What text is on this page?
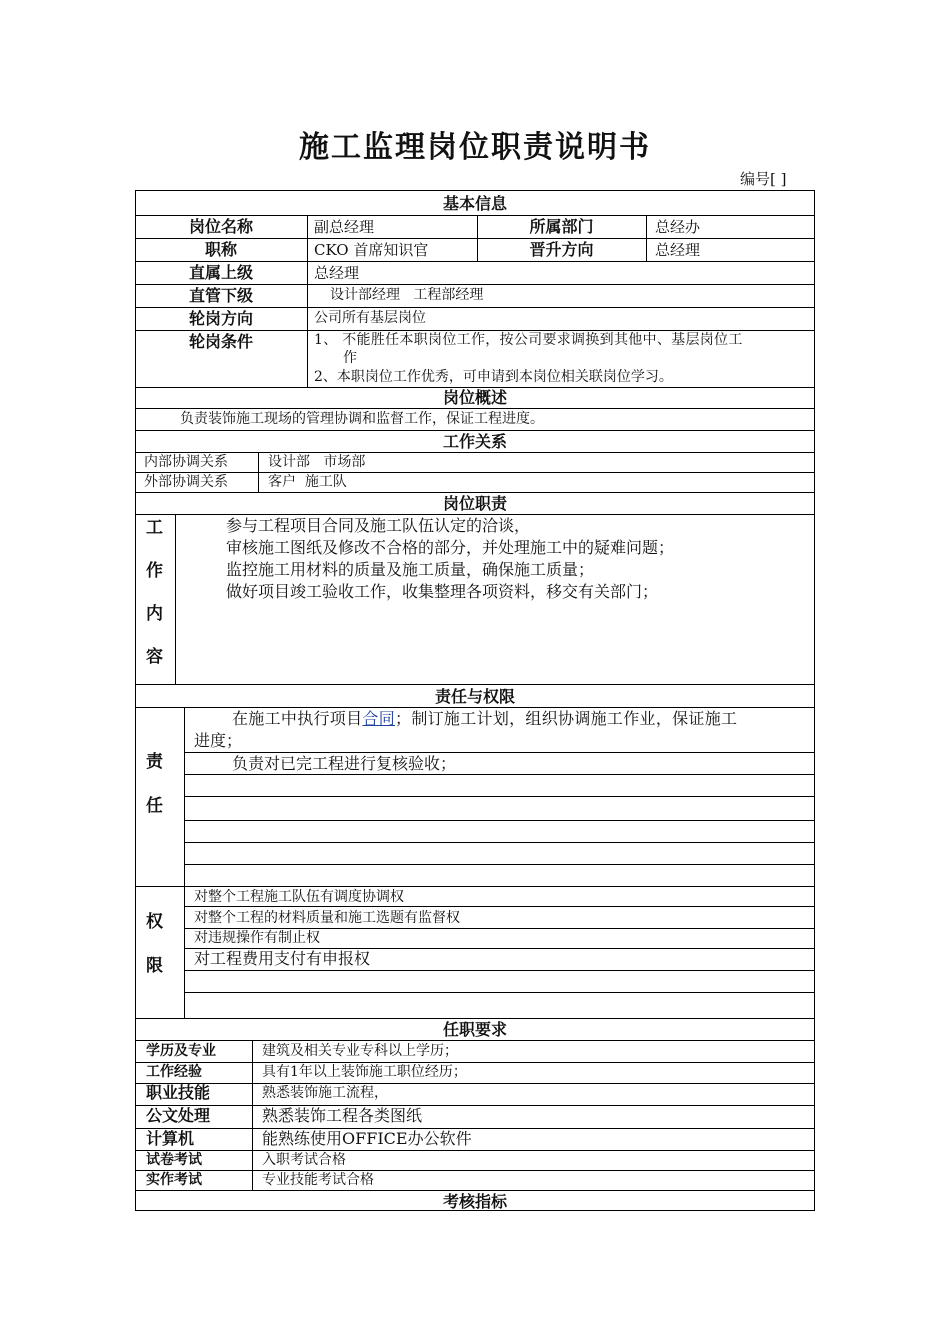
施工监理岗位职责说明书
编号[ ]
基本信息
岗位名称	副总经理	所属部门	总经办
职称	CKO 首席知识官	晋升方向	总经理
直属上级	总经理
直管下级	设计部经理   工程部经理
轮岗方向	公司所有基层岗位
轮岗条件	1、 不能胜任本职岗位工作，按公司要求调换到其他中、基层岗位工
作
2、本职岗位工作优秀，可申请到本岗位相关联岗位学习。
岗位概述
负责装饰施工现场的管理协调和监督工作，保证工程进度。
工作关系
内部协调关系	设计部   市场部
外部协调关系	客户  施工队
岗位职责
工
作
内
容
参与工程项目合同及施工队伍认定的洽谈，
审核施工图纸及修改不合格的部分，并处理施工中的疑难问题；
监控施工用材料的质量及施工质量，确保施工质量；
做好项目竣工验收工作，收集整理各项资料，移交有关部门；
责任与权限
责
任
在施工中执行项目合同；制订施工计划，组织协调施工作业，保证施工
进度；
负责对已完工程进行复核验收；
权
限
对整个工程施工队伍有调度协调权
对整个工程的材料质量和施工选题有监督权
对违规操作有制止权
对工程费用支付有申报权
任职要求
学历及专业	建筑及相关专业专科以上学历；
工作经验	具有1年以上装饰施工职位经历；
职业技能	熟悉装饰施工流程，
公文处理	熟悉装饰工程各类图纸
计算机	能熟练使用OFFICE办公软件
试卷考试	入职考试合格
实作考试	专业技能考试合格
考核指标
